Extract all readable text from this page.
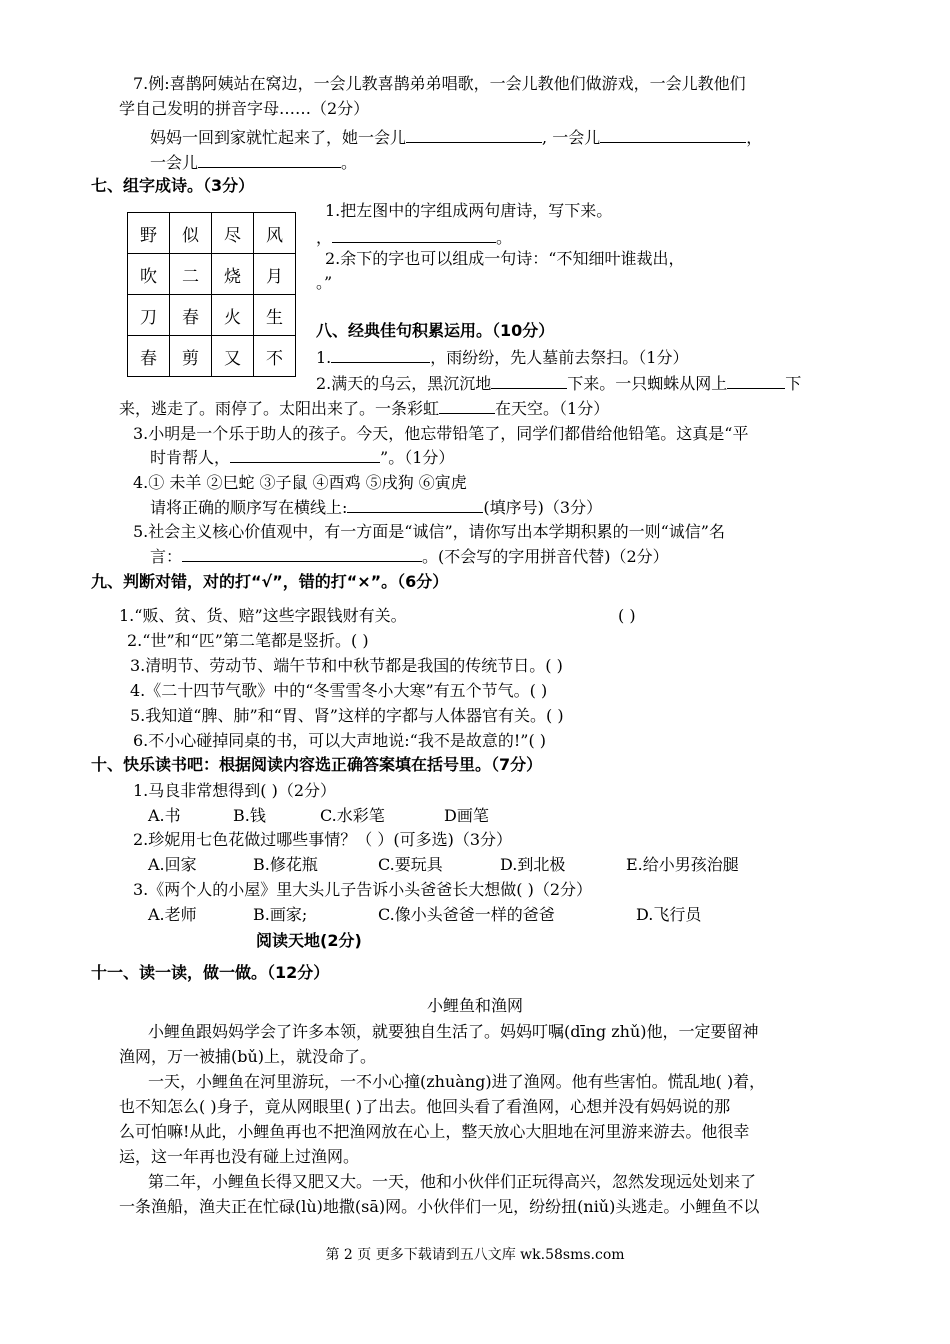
7.例:喜鹊阿姨站在窝边，一会儿教喜鹊弟弟唱歌，一会儿教他们做游戏，一会儿教他们
学自己发明的拼音字母……（2分）
妈妈一回到家就忙起来了，她一会儿	, 一会儿	，
一会儿	。
七、组字成诗。（3分）
野	似	尽	风
吹	二	烧	月
刀	春	火	生
春	剪	又	不
1.把左图中的字组成两句唐诗，写下来。
，	。
2.余下的字也可以组成一句诗：“不知细叶谁裁出，
。”
八、经典佳句积累运用。（10分）
1.	，雨纷纷，先人墓前去祭扫。（1分）
2.满天的乌云，黑沉沉地	下来。一只蜘蛛从网上	下
来，逃走了。雨停了。太阳出来了。一条彩虹	在天空。（1分）
3.小明是一个乐于助人的孩子。今天，他忘带铅笔了，同学们都借给他铅笔。这真是“平
时肯帮人，	”。（1分）
4.① 未羊 ②巳蛇 ③子鼠 ④酉鸡 ⑤戌狗 ⑥寅虎
请将正确的顺序写在横线上:	(填序号)（3分）
5.社会主义核心价值观中，有一方面是“诚信”，请你写出本学期积累的一则“诚信”名
言：	。(不会写的字用拼音代替)（2分）
九、判断对错，对的打“√”，错的打“×”。（6分）
1.“贩、贫、货、赔”这些字跟钱财有关。	( )
2.“世”和“匹”第二笔都是竖折。( )
3.清明节、劳动节、端午节和中秋节都是我国的传统节日。( )
4.《二十四节气歌》中的“冬雪雪冬小大寒”有五个节气。( )
5.我知道“脾、肺”和“胃、肾”这样的字都与人体器官有关。( )
6.不小心碰掉同桌的书，可以大声地说:“我不是故意的!”( )
十、快乐读书吧：根据阅读内容选正确答案填在括号里。（7分）
1.马良非常想得到( )（2分）
A.书	B.钱	C.水彩笔	D画笔
2.珍妮用七色花做过哪些事情？（ ）(可多选)（3分）
A.回家	B.修花瓶	C.要玩具	D.到北极	E.给小男孩治腿
3.《两个人的小屋》里大头儿子告诉小头爸爸长大想做( )（2分）
A.老师	B.画家;	C.像小头爸爸一样的爸爸	D.飞行员
阅读天地(2分)
十一、读一读，做一做。（12分）
小鲤鱼和渔网
小鲤鱼跟妈妈学会了许多本领，就要独自生活了。妈妈叮嘱(dīng zhǔ)他，一定要留神
渔网，万一被捕(bǔ)上，就没命了。
一天，小鲤鱼在河里游玩，一不小心撞(zhuàng)进了渔网。他有些害怕。慌乱地( )着，
也不知怎么( )身子，竟从网眼里( )了出去。他回头看了看渔网，心想并没有妈妈说的那
么可怕嘛!从此，小鲤鱼再也不把渔网放在心上，整天放心大胆地在河里游来游去。他很幸
运，这一年再也没有碰上过渔网。
第二年，小鲤鱼长得又肥又大。一天，他和小伙伴们正玩得高兴，忽然发现远处划来了
一条渔船，渔夫正在忙碌(lù)地撒(sā)网。小伙伴们一见，纷纷扭(niǔ)头逃走。小鲤鱼不以
第 2 页 更多下载请到五八文库 wk.58sms.com
